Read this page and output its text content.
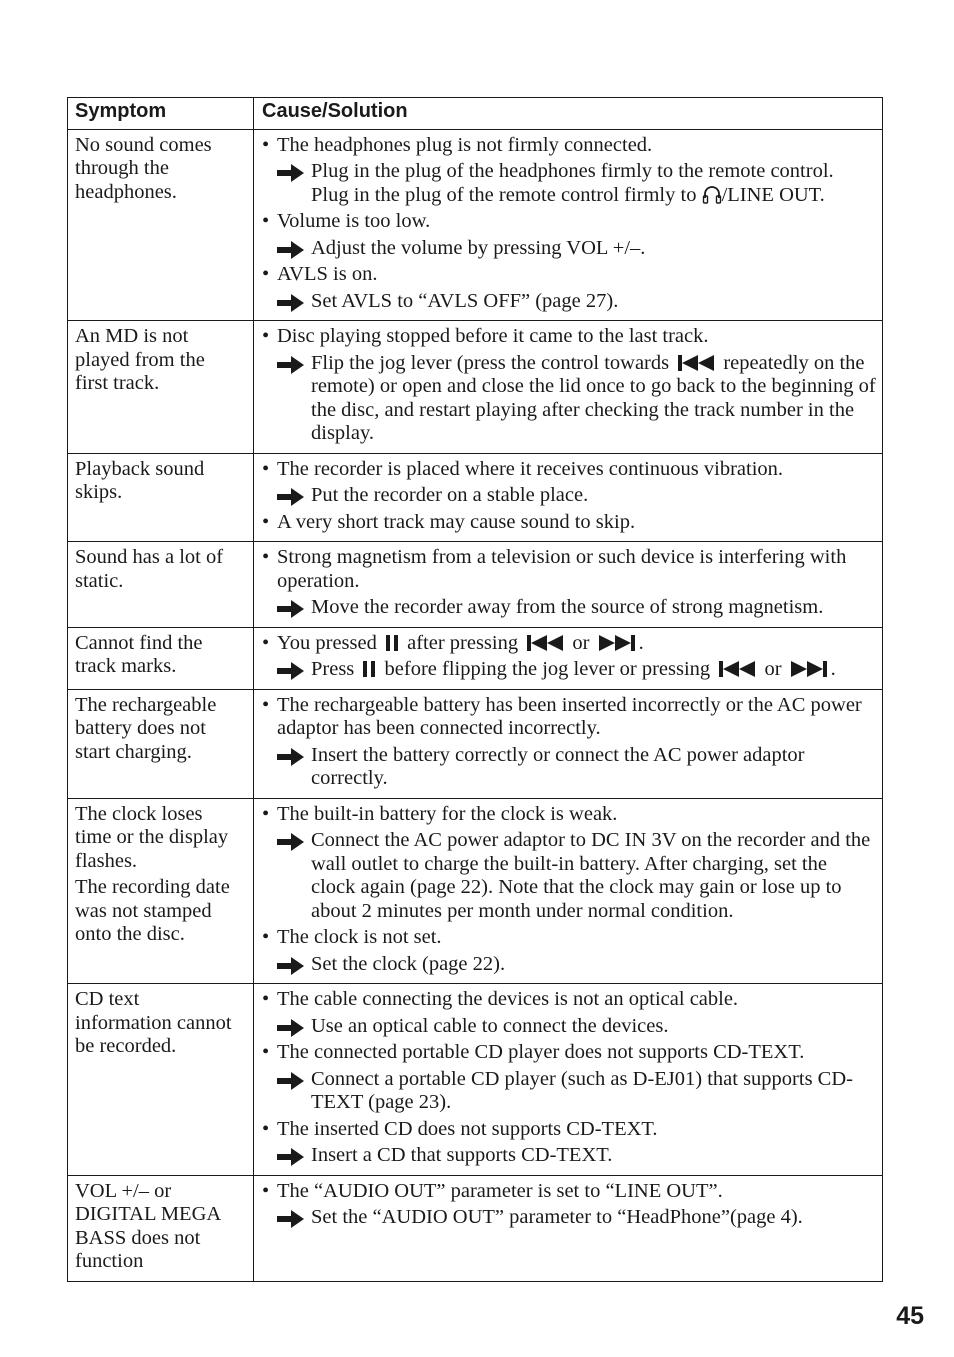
Symptom	Cause/Solution
No sound comes
through the
headphones.
• The headphones plug is not firmly connected.
Plug in the plug of the headphones firmly to the remote control.
Plug in the plug of the remote control firmly to /LINE OUT.
• Volume is too low.
Adjust the volume by pressing VOL +/–.
• AVLS is on.
Set AVLS to “AVLS OFF” (page 27).
An MD is not
played from the
first track.
• Disc playing stopped before it came to the last track.
Flip the jog lever (press the control towards  repeatedly on the remote) or open and close the lid once to go back to the beginning of the disc, and restart playing after checking the track number in the display.
Playback sound
skips.
• The recorder is placed where it receives continuous vibration.
Put the recorder on a stable place.
• A very short track may cause sound to skip.
Sound has a lot of
static.
• Strong magnetism from a television or such device is interfering with operation.
Move the recorder away from the source of strong magnetism.
Cannot find the
track marks.
• You pressed  after pressing  or .
Press  before flipping the jog lever or pressing  or .
The rechargeable
battery does not
start charging.
• The rechargeable battery has been inserted incorrectly or the AC power adaptor has been connected incorrectly.
Insert the battery correctly or connect the AC power adaptor correctly.
The clock loses
time or the display
flashes.
The recording date
was not stamped
onto the disc.
• The built-in battery for the clock is weak.
Connect the AC power adaptor to DC IN 3V on the recorder and the wall outlet to charge the built-in battery. After charging, set the clock again (page 22). Note that the clock may gain or lose up to about 2 minutes per month under normal condition.
• The clock is not set.
Set the clock (page 22).
CD text
information cannot
be recorded.
• The cable connecting the devices is not an optical cable.
Use an optical cable to connect the devices.
• The connected portable CD player does not supports CD-TEXT.
Connect a portable CD player (such as D-EJ01) that supports CD-TEXT (page 23).
• The inserted CD does not supports CD-TEXT.
Insert a CD that supports CD-TEXT.
VOL +/– or
DIGITAL MEGA
BASS does not
function
• The “AUDIO OUT” parameter is set to “LINE OUT”.
Set the “AUDIO OUT” parameter to “HeadPhone”(page 4).
45
